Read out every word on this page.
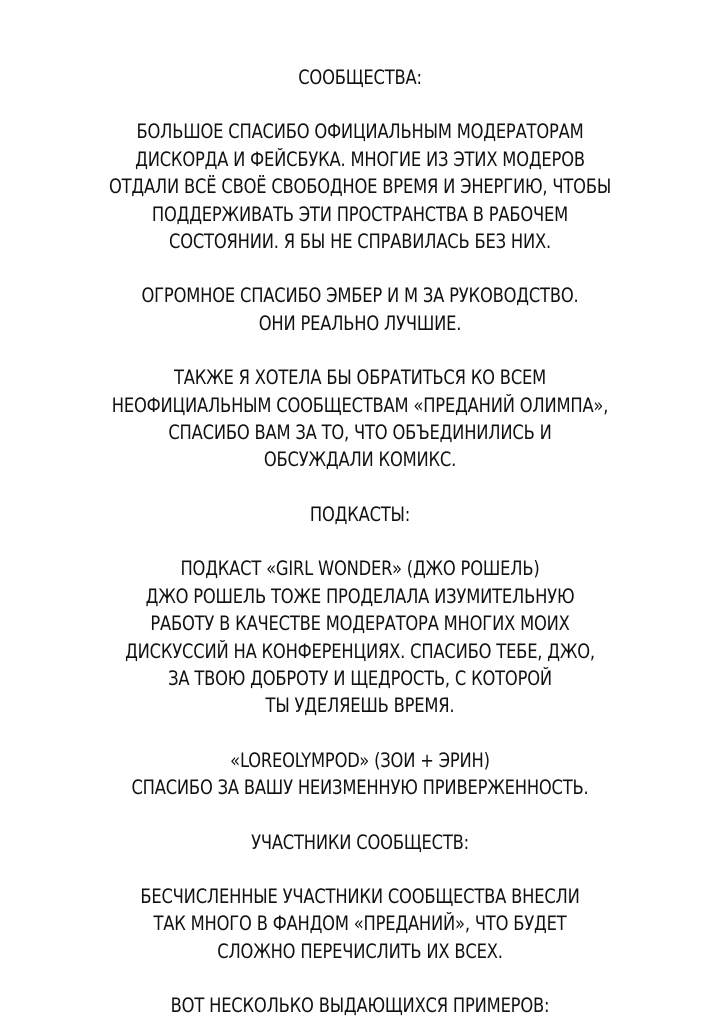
СООБЩЕСТВА:
БОЛЬШОЕ СПАСИБО ОФИЦИАЛЬНЫМ МОДЕРАТОРАМ
ДИСКОРДА И ФЕЙСБУКА. МНОГИЕ ИЗ ЭТИХ МОДЕРОВ
ОТДАЛИ ВСЁ СВОЁ СВОБОДНОЕ ВРЕМЯ И ЭНЕРГИЮ, ЧТОБЫ
ПОДДЕРЖИВАТЬ ЭТИ ПРОСТРАНСТВА В РАБОЧЕМ
СОСТОЯНИИ. Я БЫ НЕ СПРАВИЛАСЬ БЕЗ НИХ.
ОГРОМНОЕ СПАСИБО ЭМБЕР И М ЗА РУКОВОДСТВО.
ОНИ РЕАЛЬНО ЛУЧШИЕ.
ТАКЖЕ Я ХОТЕЛА БЫ ОБРАТИТЬСЯ КО ВСЕМ
НЕОФИЦИАЛЬНЫМ СООБЩЕСТВАМ «ПРЕДАНИЙ ОЛИМПА»,
СПАСИБО ВАМ ЗА ТО, ЧТО ОБЪЕДИНИЛИСЬ И
ОБСУЖДАЛИ КОМИКС.
ПОДКАСТЫ:
ПОДКАСТ «GIRL WONDER» (ДЖО РОШЕЛЬ)
ДЖО РОШЕЛЬ ТОЖЕ ПРОДЕЛАЛА ИЗУМИТЕЛЬНУЮ
РАБОТУ В КАЧЕСТВЕ МОДЕРАТОРА МНОГИХ МОИХ
ДИСКУССИЙ НА КОНФЕРЕНЦИЯХ. СПАСИБО ТЕБЕ, ДЖО,
ЗА ТВОЮ ДОБРОТУ И ЩЕДРОСТЬ, С КОТОРОЙ
ТЫ УДЕЛЯЕШЬ ВРЕМЯ.
«LOREOLYMPOD» (ЗОИ + ЭРИН)
СПАСИБО ЗА ВАШУ НЕИЗМЕННУЮ ПРИВЕРЖЕННОСТЬ.
УЧАСТНИКИ СООБЩЕСТВ:
БЕСЧИСЛЕННЫЕ УЧАСТНИКИ СООБЩЕСТВА ВНЕСЛИ
ТАК МНОГО В ФАНДОМ «ПРЕДАНИЙ», ЧТО БУДЕТ
СЛОЖНО ПЕРЕЧИСЛИТЬ ИХ ВСЕХ.
ВОТ НЕСКОЛЬКО ВЫДАЮЩИХСЯ ПРИМЕРОВ:
